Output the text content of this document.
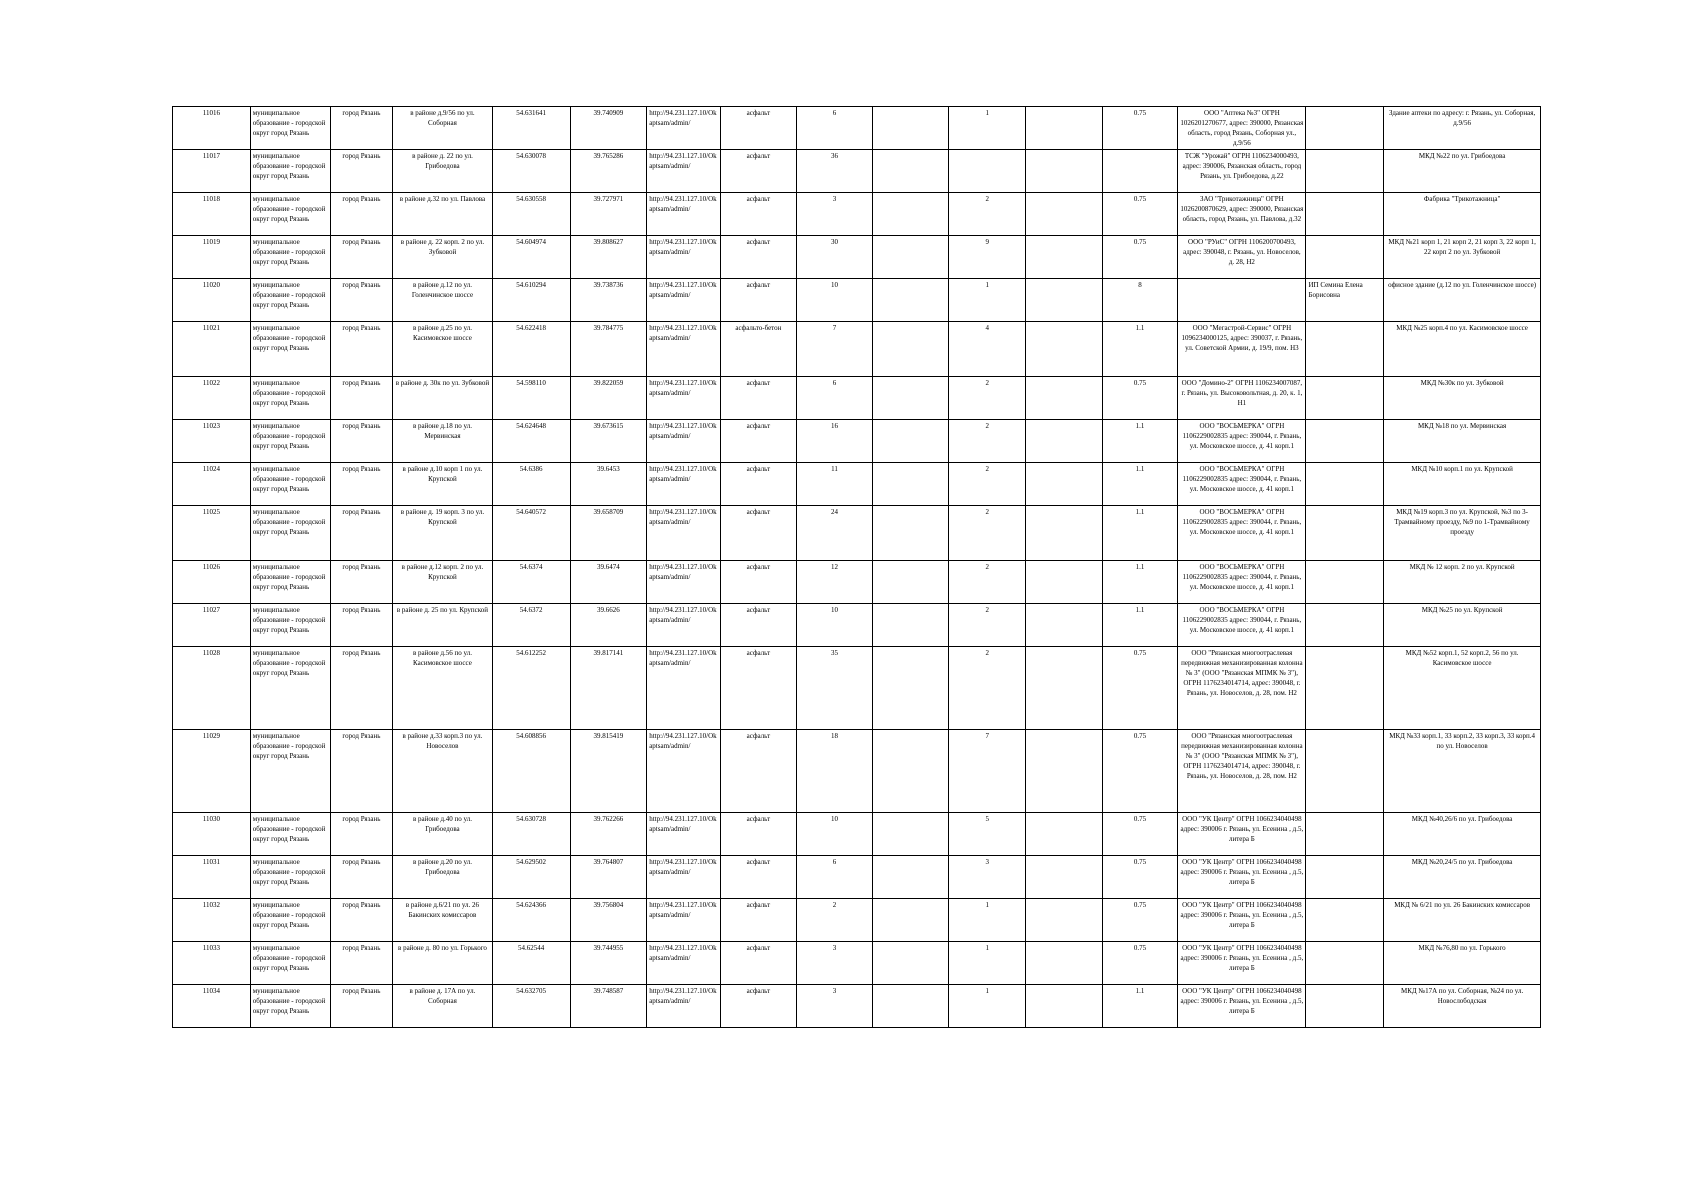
11016	муниципальное образование - городской округ город Рязань	город Рязань	в районе д.9/56 по ул. Соборная	54.631641	39.740909	http://94.231.127.10/Okaptsam/admin/	асфальт	6		1		0.75	ООО "Аптека №3" ОГРН 1026201270677, адрес: 390000, Рязанская область, город Рязань, Соборная ул., д.9/56		Здание аптеки по адресу: г. Рязань, ул. Соборная, д.9/56
11017	муниципальное образование - городской округ город Рязань	город Рязань	в районе д. 22 по ул. Грибоедова	54.630078	39.765286	http://94.231.127.10/Okaptsam/admin/	асфальт	36					ТСЖ "Урожай" ОГРН 1106234000493, адрес: 390006, Рязанская область, город Рязань, ул. Грибоедова, д.22		МКД №22 по ул. Грибоедова
11018	муниципальное образование - городской округ город Рязань	город Рязань	в районе д.32 по ул. Павлова	54.630558	39.727971	http://94.231.127.10/Okaptsam/admin/	асфальт	3		2		0.75	ЗАО "Трикотажница" ОГРН 1026200870629, адрес: 390000, Рязанская область, город Рязань, ул. Павлова, д.32		Фабрика "Трикотажница"
11019	муниципальное образование - городской округ город Рязань	город Рязань	в районе д. 22 корп. 2 по ул. Зубковой	54.604974	39.808627	http://94.231.127.10/Okaptsam/admin/	асфальт	30		9		0.75	ООО "РУиС" ОГРН 1106200700493, адрес: 390048, г. Рязань, ул. Новоселов, д. 28, Н2		МКД №21 корп 1, 21 корп 2, 21 корп 3, 22 корп 1, 22 корп 2 по ул. Зубковой
11020	муниципальное образование - городской округ город Рязань	город Рязань	в районе д.12 по ул. Голенчинское шоссе	54.610294	39.738736	http://94.231.127.10/Okaptsam/admin/	асфальт	10		1		8		ИП Семина Елена Борисовна	офисное здание (д.12 по ул. Голенчинское шоссе)
11021	муниципальное образование - городской округ город Рязань	город Рязань	в районе д.25 по ул. Касимовское шоссе	54.622418	39.784775	http://94.231.127.10/Okaptsam/admin/	асфальто-бетон	7		4		1.1	ООО "Мегастрой-Сервис" ОГРН 1096234000125, адрес: 390037, г. Рязань, ул. Советской Армии, д. 19/9, пом. Н3		МКД №25 корп.4 по ул. Касимовское шоссе
11022	муниципальное образование - городской округ город Рязань	город Рязань	в районе д. 30к по ул. Зубковой	54.598110	39.822059	http://94.231.127.10/Okaptsam/admin/	асфальт	6		2		0.75	ООО "Домино-2" ОГРН 1106234007087, г. Рязань, ул. Высоковольтная, д. 20, к. 1, Н1		МКД №30к по ул. Зубковой
11023	муниципальное образование - городской округ город Рязань	город Рязань	в районе д.18 по ул. Мервинская	54.624648	39.673615	http://94.231.127.10/Okaptsam/admin/	асфальт	16		2		1.1	ООО "ВОСЬМЕРКА" ОГРН 1106229002835 адрес: 390044, г. Рязань, ул. Московское шоссе, д. 41 корп.1		МКД №18 по ул. Мервинская
11024	муниципальное образование - городской округ город Рязань	город Рязань	в районе д.10 корп 1 по ул. Крупской	54.6386	39.6453	http://94.231.127.10/Okaptsam/admin/	асфальт	11		2		1.1	ООО "ВОСЬМЕРКА" ОГРН 1106229002835 адрес: 390044, г. Рязань, ул. Московское шоссе, д. 41 корп.1		МКД №10 корп.1 по ул. Крупской
11025	муниципальное образование - городской округ город Рязань	город Рязань	в районе д. 19 корп. 3 по ул. Крупской	54.640572	39.658709	http://94.231.127.10/Okaptsam/admin/	асфальт	24		2		1.1	ООО "ВОСЬМЕРКА" ОГРН 1106229002835 адрес: 390044, г. Рязань, ул. Московское шоссе, д. 41 корп.1		МКД №19 корп.3 по ул. Крупской, №3 по 3-Трамвайному проезду, №9 по 1-Трамвайному проезду
11026	муниципальное образование - городской округ город Рязань	город Рязань	в районе д.12 корп. 2 по ул. Крупской	54.6374	39.6474	http://94.231.127.10/Okaptsam/admin/	асфальт	12		2		1.1	ООО "ВОСЬМЕРКА" ОГРН 1106229002835 адрес: 390044, г. Рязань, ул. Московское шоссе, д. 41 корп.1		МКД № 12 корп. 2 по ул. Крупской
11027	муниципальное образование - городской округ город Рязань	город Рязань	в районе д. 25 по ул. Крупской	54.6372	39.6626	http://94.231.127.10/Okaptsam/admin/	асфальт	10		2		1.1	ООО "ВОСЬМЕРКА" ОГРН 1106229002835 адрес: 390044, г. Рязань, ул. Московское шоссе, д. 41 корп.1		МКД №25 по ул. Крупской
11028	муниципальное образование - городской округ город Рязань	город Рязань	в районе д.56 по ул. Касимовское шоссе	54.612252	39.817141	http://94.231.127.10/Okaptsam/admin/	асфальт	35		2		0.75	ООО "Рязанская многоотраслевая передвижная механизированная колонна № 3" (ООО "Рязанская МПМК № 3"), ОГРН 1176234014714, адрес: 390048, г. Рязань, ул. Новоселов, д. 28, пом. Н2		МКД №52 корп.1, 52 корп.2, 56 по ул. Касимовское шоссе
11029	муниципальное образование - городской округ город Рязань	город Рязань	в районе д.33 корп.3 по ул. Новоселов	54.608856	39.815419	http://94.231.127.10/Okaptsam/admin/	асфальт	18		7		0.75	ООО "Рязанская многоотраслевая передвижная механизированная колонна № 3" (ООО "Рязанская МПМК № 3"), ОГРН 1176234014714, адрес: 390048, г. Рязань, ул. Новоселов, д. 28, пом. Н2		МКД №33 корп.1, 33 корп.2, 33 корп.3, 33 корп.4 по ул. Новоселов
11030	муниципальное образование - городской округ город Рязань	город Рязань	в районе д.40 по ул. Грибоедова	54.630728	39.762266	http://94.231.127.10/Okaptsam/admin/	асфальт	10		5		0.75	ООО "УК Центр" ОГРН 1066234040498 адрес: 390006 г. Рязань, ул. Есенина , д.5, литера Б		МКД №40,26/6 по ул. Грибоедова
11031	муниципальное образование - городской округ город Рязань	город Рязань	в районе д.20 по ул. Грибоедова	54.629502	39.764807	http://94.231.127.10/Okaptsam/admin/	асфальт	6		3		0.75	ООО "УК Центр" ОГРН 1066234040498 адрес: 390006 г. Рязань, ул. Есенина , д.5, литера Б		МКД №20,24/5 по ул. Грибоедова
11032	муниципальное образование - городской округ город Рязань	город Рязань	в районе д.6/21 по ул. 26 Бакинских комиссаров	54.624366	39.756804	http://94.231.127.10/Okaptsam/admin/	асфальт	2		1		0.75	ООО "УК Центр" ОГРН 1066234040498 адрес: 390006 г. Рязань, ул. Есенина , д.5, литера Б		МКД № 6/21 по ул. 26 Бакинских комиссаров
11033	муниципальное образование - городской округ город Рязань	город Рязань	в районе д. 80 по ул. Горького	54.62544	39.744955	http://94.231.127.10/Okaptsam/admin/	асфальт	3		1		0.75	ООО "УК Центр" ОГРН 1066234040498 адрес: 390006 г. Рязань, ул. Есенина , д.5, литера Б		МКД №76,80 по ул. Горького
11034	муниципальное образование - городской округ город Рязань	город Рязань	в районе д. 17А по ул. Соборная	54.632705	39.748587	http://94.231.127.10/Okaptsam/admin/	асфальт	3		1		1.1	ООО "УК Центр" ОГРН 1066234040498 адрес: 390006 г. Рязань, ул. Есенина , д.5, литера Б		МКД №17А по ул. Соборная, №24 по ул. Новослободская
